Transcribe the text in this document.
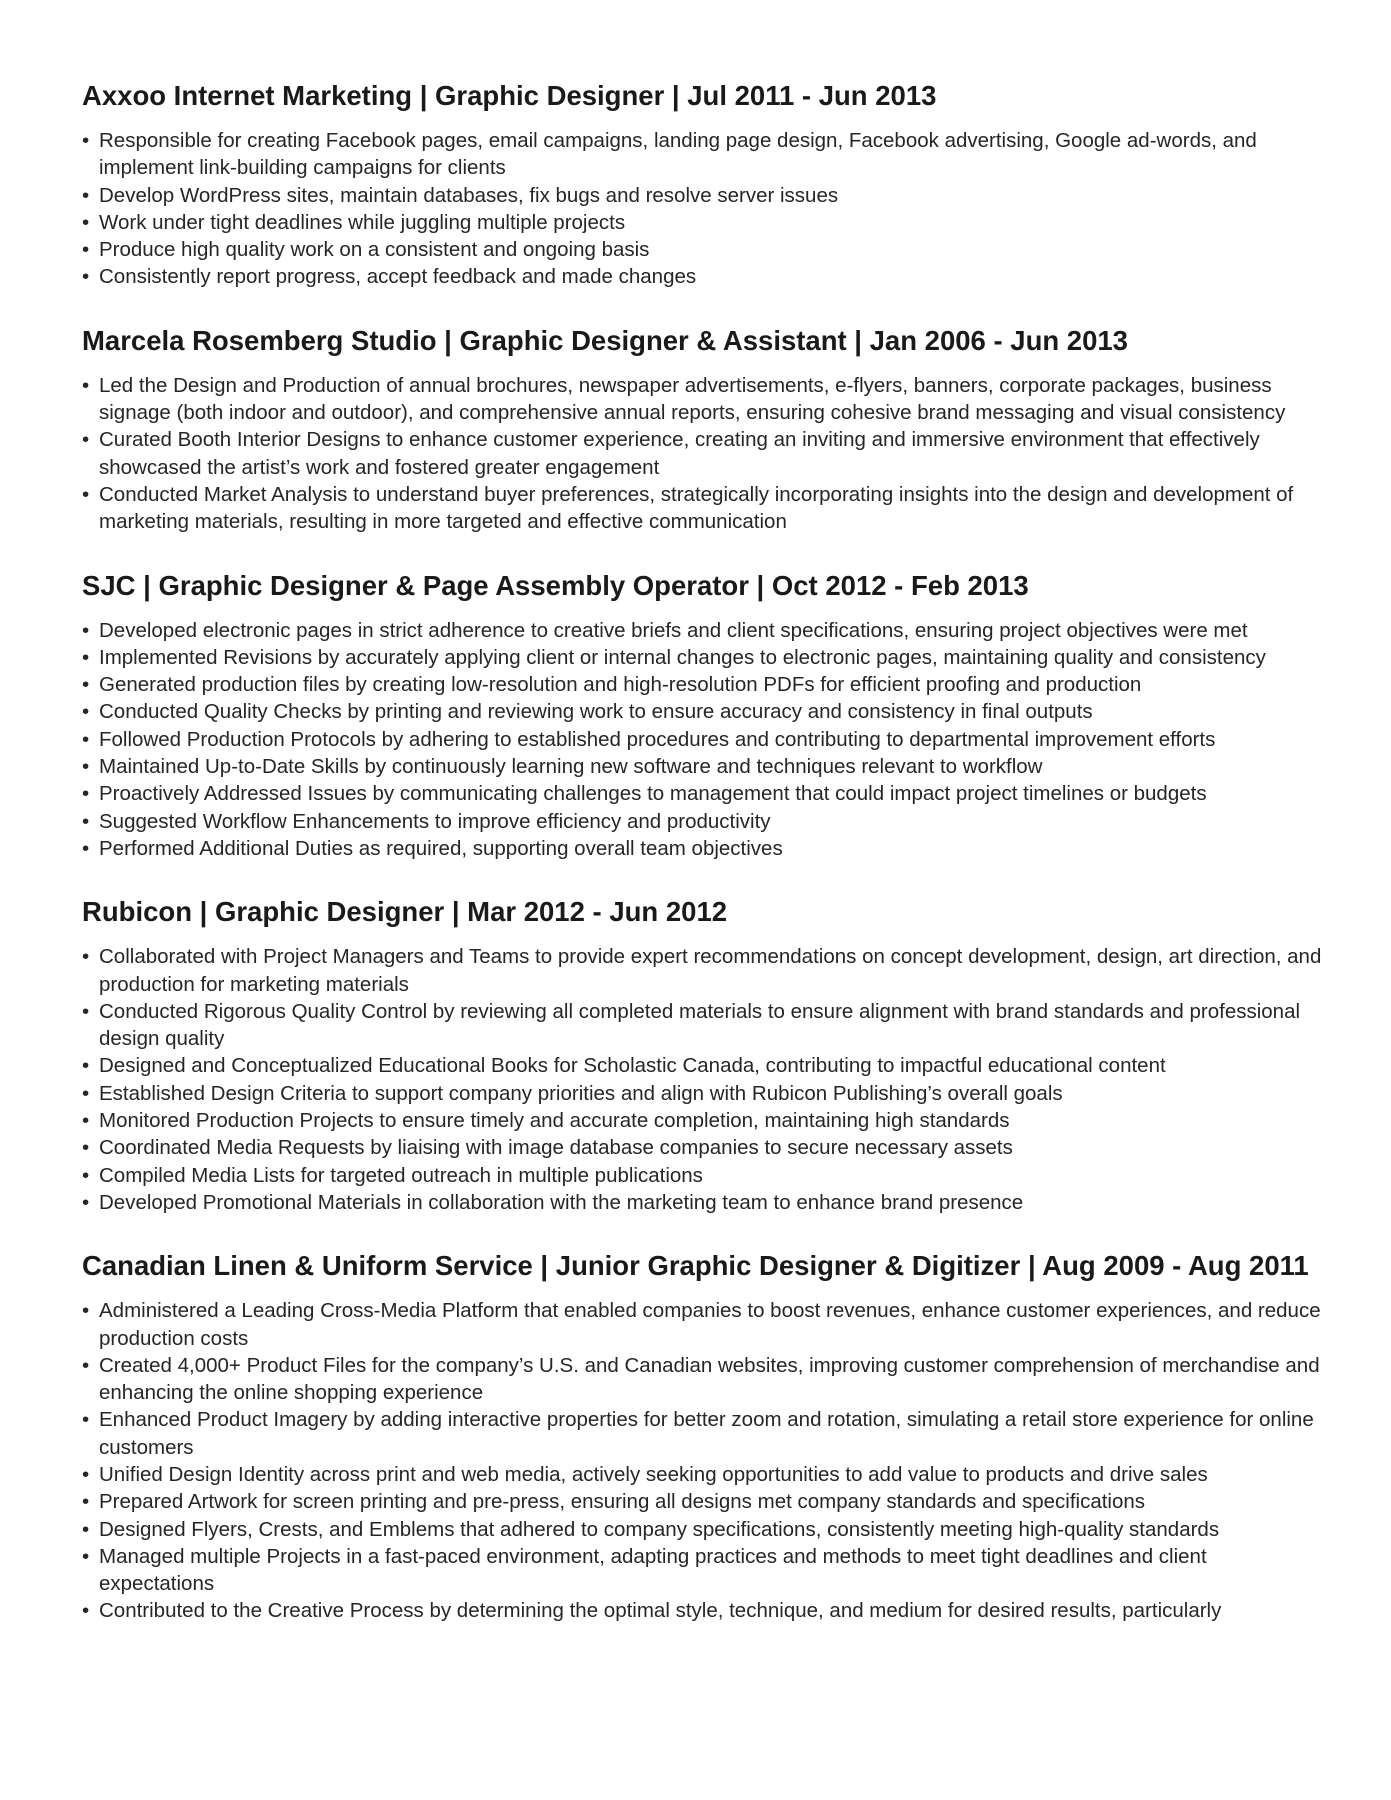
Axxoo Internet Marketing | Graphic Designer | Jul 2011 - Jun 2013
• Responsible for creating Facebook pages, email campaigns, landing page design, Facebook advertising, Google ad-words, and implement link-building campaigns for clients
• Develop WordPress sites, maintain databases, fix bugs and resolve server issues
• Work under tight deadlines while juggling multiple projects
• Produce high quality work on a consistent and ongoing basis
• Consistently report progress, accept feedback and made changes
Marcela Rosemberg Studio | Graphic Designer & Assistant | Jan 2006 - Jun 2013
• Led the Design and Production of annual brochures, newspaper advertisements, e-flyers, banners, corporate packages, business signage (both indoor and outdoor), and comprehensive annual reports, ensuring cohesive brand messaging and visual consistency
• Curated Booth Interior Designs to enhance customer experience, creating an inviting and immersive environment that effectively showcased the artist’s work and fostered greater engagement
• Conducted Market Analysis to understand buyer preferences, strategically incorporating insights into the design and development of marketing materials, resulting in more targeted and effective communication
SJC | Graphic Designer & Page Assembly Operator | Oct 2012 - Feb 2013
• Developed electronic pages in strict adherence to creative briefs and client specifications, ensuring project objectives were met
• Implemented Revisions by accurately applying client or internal changes to electronic pages, maintaining quality and consistency
• Generated production files by creating low-resolution and high-resolution PDFs for efficient proofing and production
• Conducted Quality Checks by printing and reviewing work to ensure accuracy and consistency in final outputs
• Followed Production Protocols by adhering to established procedures and contributing to departmental improvement efforts
• Maintained Up-to-Date Skills by continuously learning new software and techniques relevant to workflow
• Proactively Addressed Issues by communicating challenges to management that could impact project timelines or budgets
• Suggested Workflow Enhancements to improve efficiency and productivity
• Performed Additional Duties as required, supporting overall team objectives
Rubicon | Graphic Designer | Mar 2012 - Jun 2012
• Collaborated with Project Managers and Teams to provide expert recommendations on concept development, design, art direction, and production for marketing materials
• Conducted Rigorous Quality Control by reviewing all completed materials to ensure alignment with brand standards and professional design quality
• Designed and Conceptualized Educational Books for Scholastic Canada, contributing to impactful educational content
• Established Design Criteria to support company priorities and align with Rubicon Publishing’s overall goals
• Monitored Production Projects to ensure timely and accurate completion, maintaining high standards
• Coordinated Media Requests by liaising with image database companies to secure necessary assets
• Compiled Media Lists for targeted outreach in multiple publications
• Developed Promotional Materials in collaboration with the marketing team to enhance brand presence
Canadian Linen & Uniform Service | Junior Graphic Designer & Digitizer | Aug 2009 - Aug 2011
• Administered a Leading Cross-Media Platform that enabled companies to boost revenues, enhance customer experiences, and reduce production costs
• Created 4,000+ Product Files for the company’s U.S. and Canadian websites, improving customer comprehension of merchandise and enhancing the online shopping experience
• Enhanced Product Imagery by adding interactive properties for better zoom and rotation, simulating a retail store experience for online customers
• Unified Design Identity across print and web media, actively seeking opportunities to add value to products and drive sales
• Prepared Artwork for screen printing and pre-press, ensuring all designs met company standards and specifications
• Designed Flyers, Crests, and Emblems that adhered to company specifications, consistently meeting high-quality standards
• Managed multiple Projects in a fast-paced environment, adapting practices and methods to meet tight deadlines and client expectations
• Contributed to the Creative Process by determining the optimal style, technique, and medium for desired results, particularly
